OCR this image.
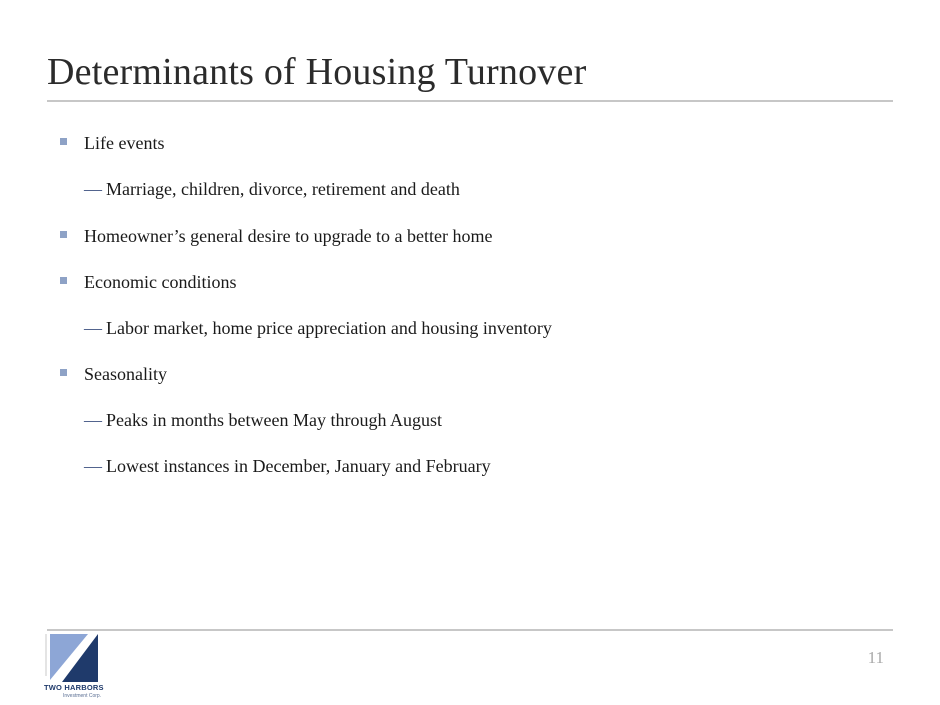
Determinants of Housing Turnover
Life events
— Marriage, children, divorce, retirement and death
Homeowner’s general desire to upgrade to a better home
Economic conditions
— Labor market, home price appreciation and housing inventory
Seasonality
— Peaks in months between May through August
— Lowest instances in December, January and February
TWO HARBORS
Investment Corp.
11
